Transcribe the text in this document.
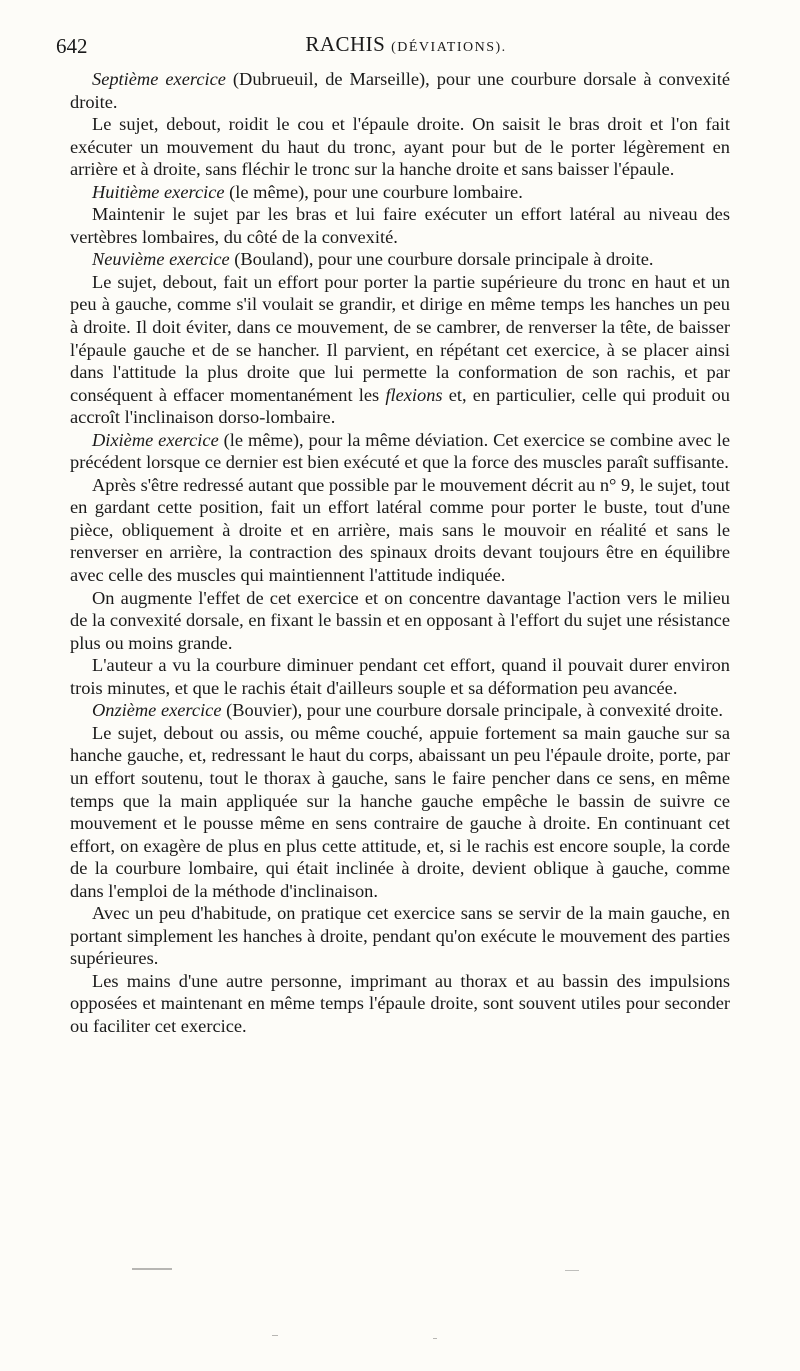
642	RACHIS (DÉVIATIONS).

Septième exercice (Dubrueuil, de Marseille), pour une courbure dorsale à convexité droite.

Le sujet, debout, roidit le cou et l'épaule droite. On saisit le bras droit et l'on fait exécuter un mouvement du haut du tronc, ayant pour but de le porter légèrement en arrière et à droite, sans fléchir le tronc sur la hanche droite et sans baisser l'épaule.

Huitième exercice (le même), pour une courbure lombaire.

Maintenir le sujet par les bras et lui faire exécuter un effort latéral au niveau des vertèbres lombaires, du côté de la convexité.

Neuvième exercice (Bouland), pour une courbure dorsale principale à droite.

Le sujet, debout, fait un effort pour porter la partie supérieure du tronc en haut et un peu à gauche, comme s'il voulait se grandir, et dirige en même temps les hanches un peu à droite. Il doit éviter, dans ce mouvement, de se cambrer, de renverser la tête, de baisser l'épaule gauche et de se hancher. Il parvient, en répétant cet exercice, à se placer ainsi dans l'attitude la plus droite que lui permette la conformation de son rachis, et par conséquent à effacer momentanément les flexions et, en particulier, celle qui produit ou accroît l'inclinaison dorso-lombaire.

Dixième exercice (le même), pour la même déviation. Cet exercice se combine avec le précédent lorsque ce dernier est bien exécuté et que la force des muscles paraît suffisante.

Après s'être redressé autant que possible par le mouvement décrit au n° 9, le sujet, tout en gardant cette position, fait un effort latéral comme pour porter le buste, tout d'une pièce, obliquement à droite et en arrière, mais sans le mouvoir en réalité et sans le renverser en arrière, la contraction des spinaux droits devant toujours être en équilibre avec celle des muscles qui maintiennent l'attitude indiquée.

On augmente l'effet de cet exercice et on concentre davantage l'action vers le milieu de la convexité dorsale, en fixant le bassin et en opposant à l'effort du sujet une résistance plus ou moins grande.

L'auteur a vu la courbure diminuer pendant cet effort, quand il pouvait durer environ trois minutes, et que le rachis était d'ailleurs souple et sa déformation peu avancée.

Onzième exercice (Bouvier), pour une courbure dorsale principale, à convexité droite.

Le sujet, debout ou assis, ou même couché, appuie fortement sa main gauche sur sa hanche gauche, et, redressant le haut du corps, abaissant un peu l'épaule droite, porte, par un effort soutenu, tout le thorax à gauche, sans le faire pencher dans ce sens, en même temps que la main appliquée sur la hanche gauche empêche le bassin de suivre ce mouvement et le pousse même en sens contraire de gauche à droite. En continuant cet effort, on exagère de plus en plus cette attitude, et, si le rachis est encore souple, la corde de la courbure lombaire, qui était inclinée à droite, devient oblique à gauche, comme dans l'emploi de la méthode d'inclinaison.

Avec un peu d'habitude, on pratique cet exercice sans se servir de la main gauche, en portant simplement les hanches à droite, pendant qu'on exécute le mouvement des parties supérieures.

Les mains d'une autre personne, imprimant au thorax et au bassin des impulsions opposées et maintenant en même temps l'épaule droite, sont souvent utiles pour seconder ou faciliter cet exercice.
